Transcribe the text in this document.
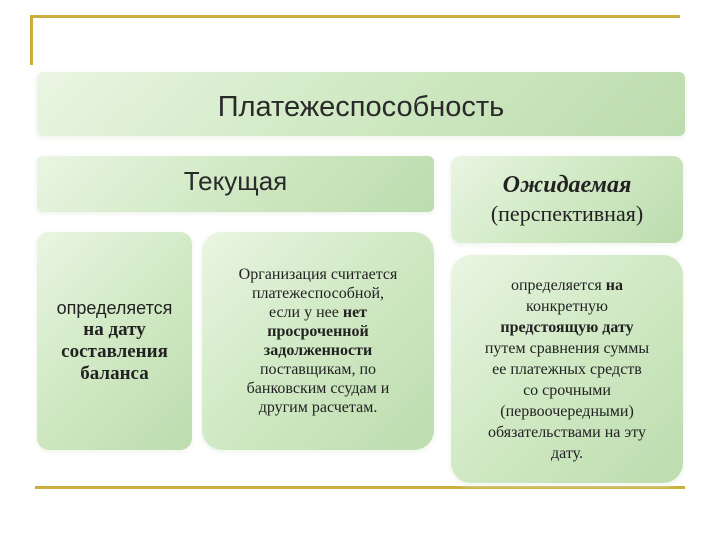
Платежеспособность
Текущая	Ожидаемая
(перспективная)
определяется
на дату
составления
баланса
Организация считается
платежеспособной,
если у нее нет
просроченной
задолженности
поставщикам, по
банковским ссудам и
другим расчетам.
определяется на
конкретную
предстоящую дату
путем сравнения суммы
ее платежных средств
со срочными
(первоочередными)
обязательствами на эту
дату.
